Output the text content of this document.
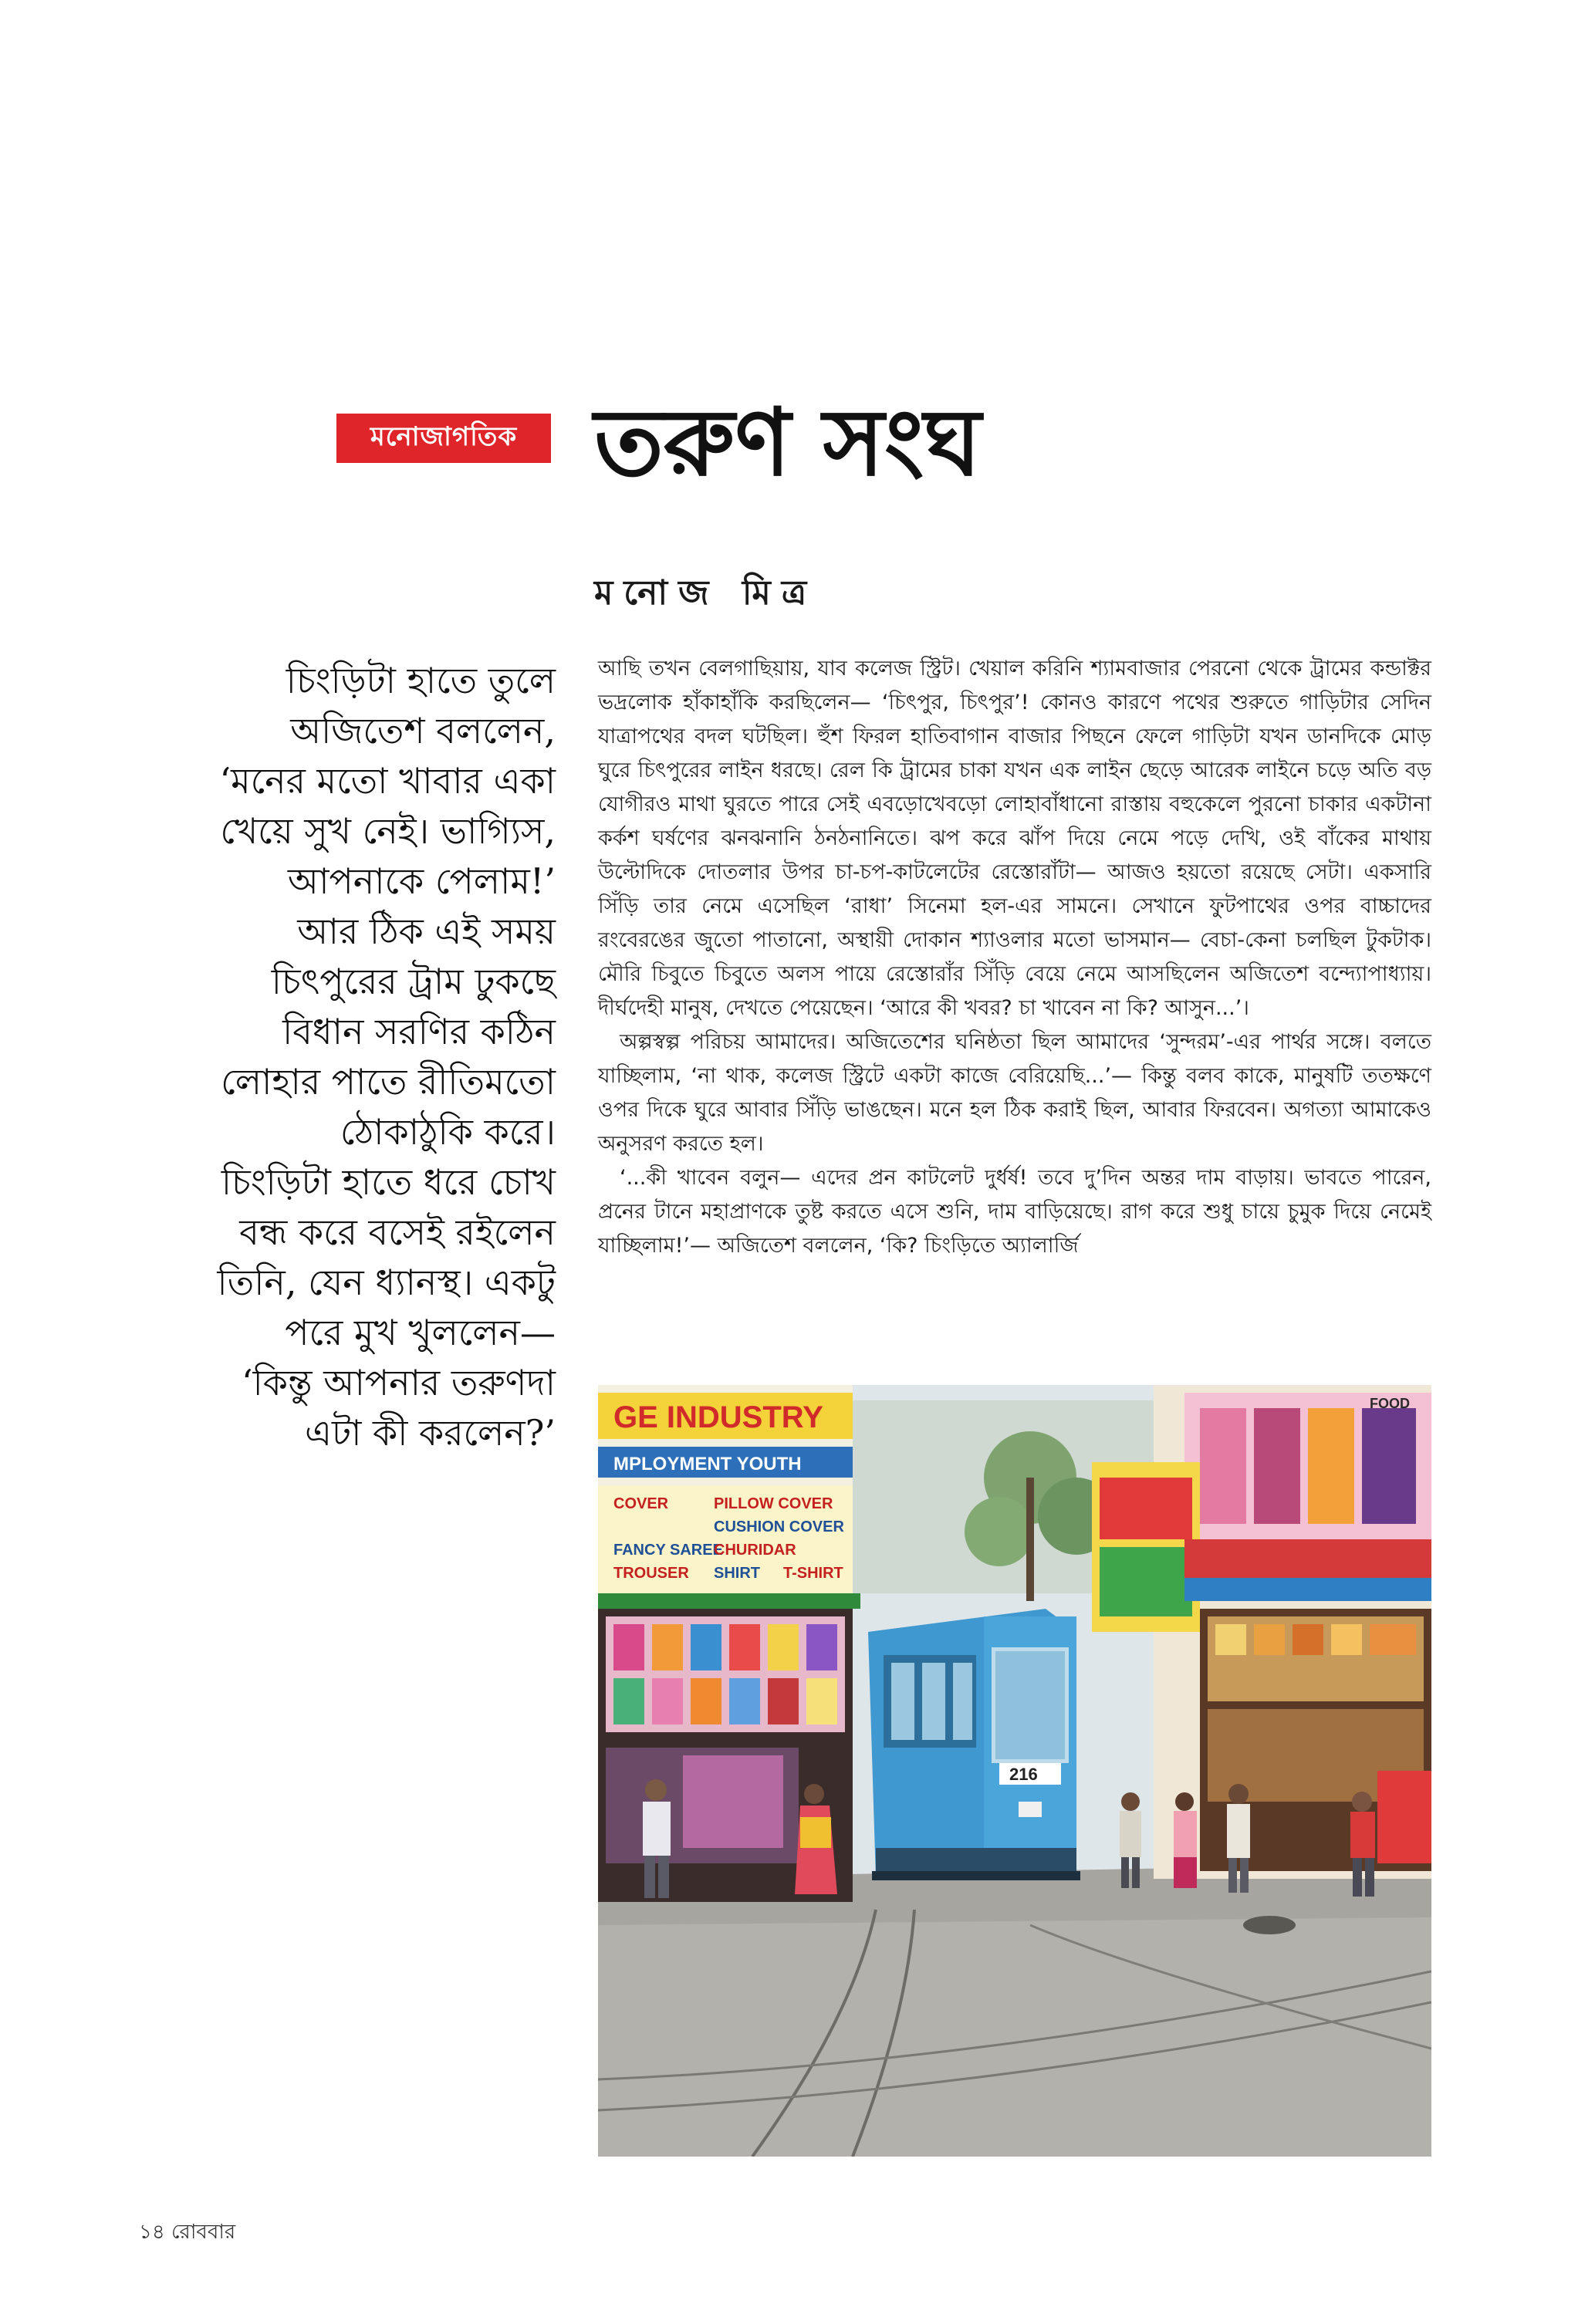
মনোজাগতিক তরুণ সংঘ
মনোজ মিত্র
চিংড়িটা হাতে তুলে
অজিতেশ বললেন,
‘মনের মতো খাবার একা
খেয়ে সুখ নেই। ভাগ্যিস,
আপনাকে পেলাম!’
আর ঠিক এই সময়
চিৎপুরের ট্রাম ঢুকছে
বিধান সরণির কঠিন
লোহার পাতে রীতিমতো
ঠোকাঠুকি করে।
চিংড়িটা হাতে ধরে চোখ
বন্ধ করে বসেই রইলেন
তিনি, যেন ধ্যানস্থ। একটু
পরে মুখ খুললেন—
‘কিন্তু আপনার তরুণদা
এটা কী করলেন?’

আছি তখন বেলগাছিয়ায়, যাব কলেজ স্ট্রিট। খেয়াল করিনি শ্যামবাজার পেরনো থেকে ট্রামের কন্ডাক্টর ভদ্রলোক হাঁকাহাঁকি করছিলেন— ‘চিৎপুর, চিৎপুর’! কোনও কারণে পথের শুরুতে গাড়িটার সেদিন যাত্রাপথের বদল ঘটছিল। হুঁশ ফিরল হাতিবাগান বাজার পিছনে ফেলে গাড়িটা যখন ডানদিকে মোড় ঘুরে চিৎপুরের লাইন ধরছে। রেল কি ট্রামের চাকা যখন এক লাইন ছেড়ে আরেক লাইনে চড়ে অতি বড় যোগীরও মাথা ঘুরতে পারে সেই এবড়োখেবড়ো লোহাবাঁধানো রাস্তায় বহুকেলে পুরনো চাকার একটানা কর্কশ ঘর্ষণের ঝনঝনানি ঠনঠনানিতে। ঝপ করে ঝাঁপ দিয়ে নেমে পড়ে দেখি, ওই বাঁকের মাথায় উল্টোদিকে দোতলার উপর চা-চপ-কাটলেটের রেস্তোরাঁটা— আজও হয়তো রয়েছে সেটা। একসারি সিঁড়ি তার নেমে এসেছিল ‘রাধা’ সিনেমা হল-এর সামনে। সেখানে ফুটপাথের ওপর বাচ্চাদের রংবেরঙের জুতো পাতানো, অস্থায়ী দোকান শ্যাওলার মতো ভাসমান— বেচা-কেনা চলছিল টুকটাক। মৌরি চিবুতে চিবুতে অলস পায়ে রেস্তোরাঁর সিঁড়ি বেয়ে নেমে আসছিলেন অজিতেশ বন্দ্যোপাধ্যায়। দীর্ঘদেহী মানুষ, দেখতে পেয়েছেন। ‘আরে কী খবর? চা খাবেন না কি? আসুন...’।

অল্পস্বল্প পরিচয় আমাদের। অজিতেশের ঘনিষ্ঠতা ছিল আমাদের ‘সুন্দরম’-এর পার্থর সঙ্গে। বলতে যাচ্ছিলাম, ‘না থাক, কলেজ স্ট্রিটে একটা কাজে বেরিয়েছি...’— কিন্তু বলব কাকে, মানুষটি ততক্ষণে ওপর দিকে ঘুরে আবার সিঁড়ি ভাঙছেন। মনে হল ঠিক করাই ছিল, আবার ফিরবেন। অগত্যা আমাকেও অনুসরণ করতে হল।

‘...কী খাবেন বলুন— এদের প্রন কাটলেট দুর্ধর্ষ! তবে দু’দিন অন্তর দাম বাড়ায়। ভাবতে পারেন, প্রনের টানে মহাপ্রাণকে তুষ্ট করতে এসে শুনি, দাম বাড়িয়েছে। রাগ করে শুধু চায়ে চুমুক দিয়ে নেমেই যাচ্ছিলাম!’— অজিতেশ বললেন, ‘কি? চিংড়িতে অ্যালার্জি

GE INDUSTRY
MPLOYMENT YOUTH
COVER	PILLOW COVER
CUSHION COVER
FANCY SAREE
CHURIDAR
TROUSER SHIRT T-SHIRT
216
FOOD
১৪ রোববার
